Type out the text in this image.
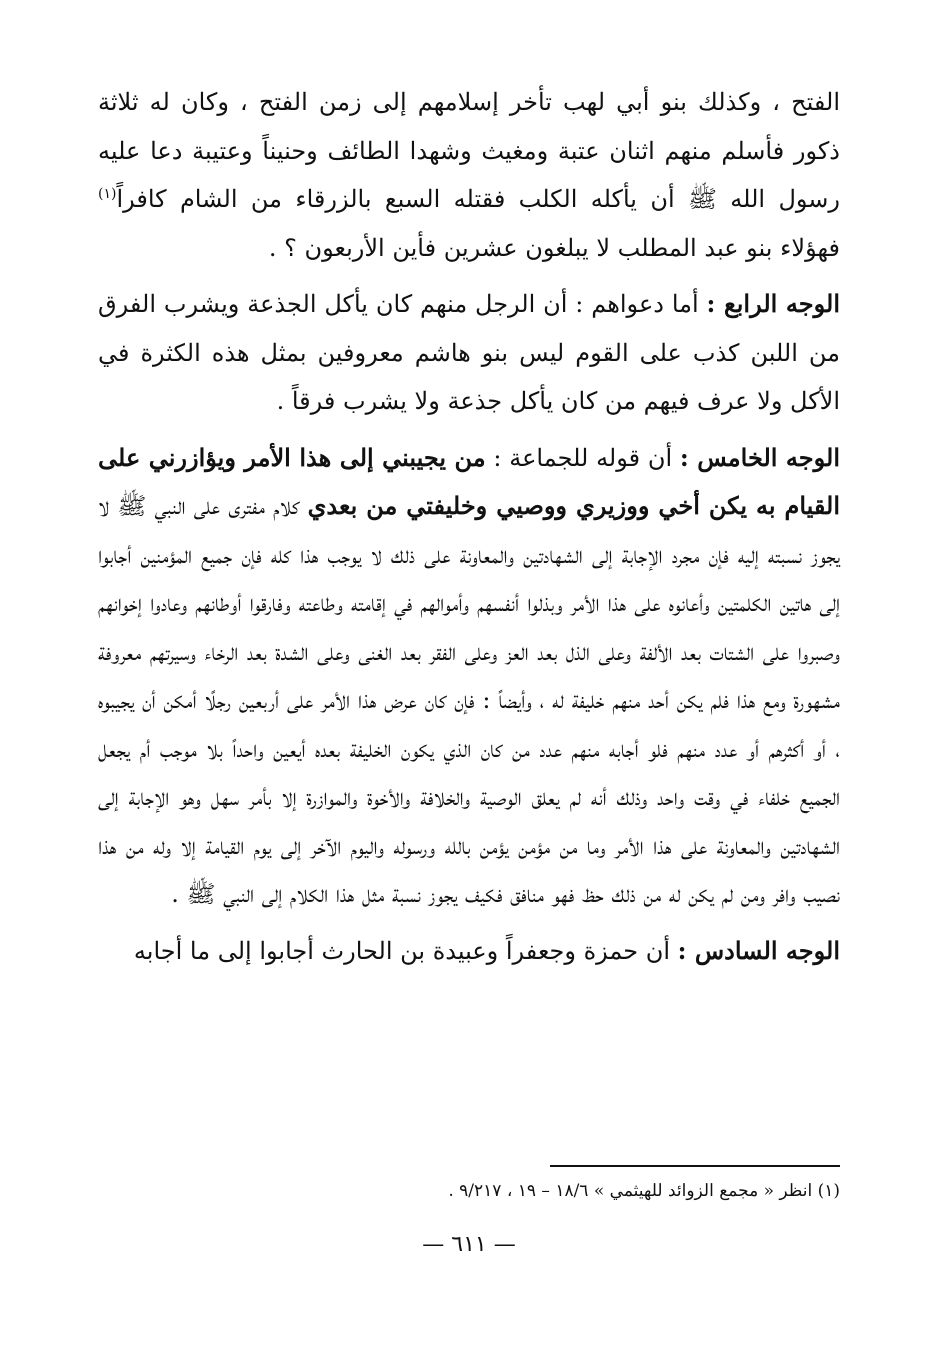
الفتح ، وكذلك بنو أبي لهب تأخر إسلامهم إلى زمن الفتح ، وكان له ثلاثة ذكور فأسلم منهم اثنان عتبة ومغيث وشهدا الطائف وحنيناً وعتيبة دعا عليه رسول الله ﷺ أن يأكله الكلب فقتله السبع بالزرقاء من الشام كافراً$^{(١)}$ فهؤلاء بنو عبد المطلب لا يبلغون عشرين فأين الأربعون ؟ .

الوجه الرابع : أما دعواهم : أن الرجل منهم كان يأكل الجذعة ويشرب الفرق من اللبن كذب على القوم ليس بنو هاشم معروفين بمثل هذه الكثرة في الأكل ولا عرف فيهم من كان يأكل جذعة ولا يشرب فرقاً .

الوجه الخامس : أن قوله للجماعة : من يجيبني إلى هذا الأمر ويؤازرني على القيام به يكن أخي ووزيري ووصيي وخليفتي من بعدي كلام مفترى على النبي ﷺ لا يجوز نسبته إليه فإن مجرد الإجابة إلى الشهادتين والمعاونة على ذلك لا يوجب هذا كله فإن جميع المؤمنين أجابوا إلى هاتين الكلمتين وأعانوه على هذا الأمر وبذلوا أنفسهم وأموالهم في إقامته وطاعته وفارقوا أوطانهم وعادوا إخوانهم وصبروا على الشتات بعد الألفة وعلى الذل بعد العز وعلى الفقر بعد الغنى وعلى الشدة بعد الرخاء وسيرتهم معروفة مشهورة ومع هذا فلم يكن أحد منهم خليفة له ، وأيضاً : فإن كان عرض هذا الأمر على أربعين رجلًا أمكن أن يجيبوه ، أو أكثرهم أو عدد منهم فلو أجابه منهم عدد من كان الذي يكون الخليفة بعده أيعين واحداً بلا موجب أم يجعل الجميع خلفاء في وقت واحد وذلك أنه لم يعلق الوصية والخلافة والأخوة والموازرة إلا بأمر سهل وهو الإجابة إلى الشهادتين والمعاونة على هذا الأمر وما من مؤمن يؤمن بالله ورسوله واليوم الآخر إلى يوم القيامة إلا وله من هذا نصيب وافر ومن لم يكن له من ذلك حظ فهو منافق فكيف يجوز نسبة مثل هذا الكلام إلى النبي ﷺ .

الوجه السادس : أن حمزة وجعفراً وعبيدة بن الحارث أجابوا إلى ما أجابه

(١) انظر « مجمع الزوائد للهيثمي » ١٨/٦ – ١٩ ، ٩/٢١٧ .
— ٦١١ —
